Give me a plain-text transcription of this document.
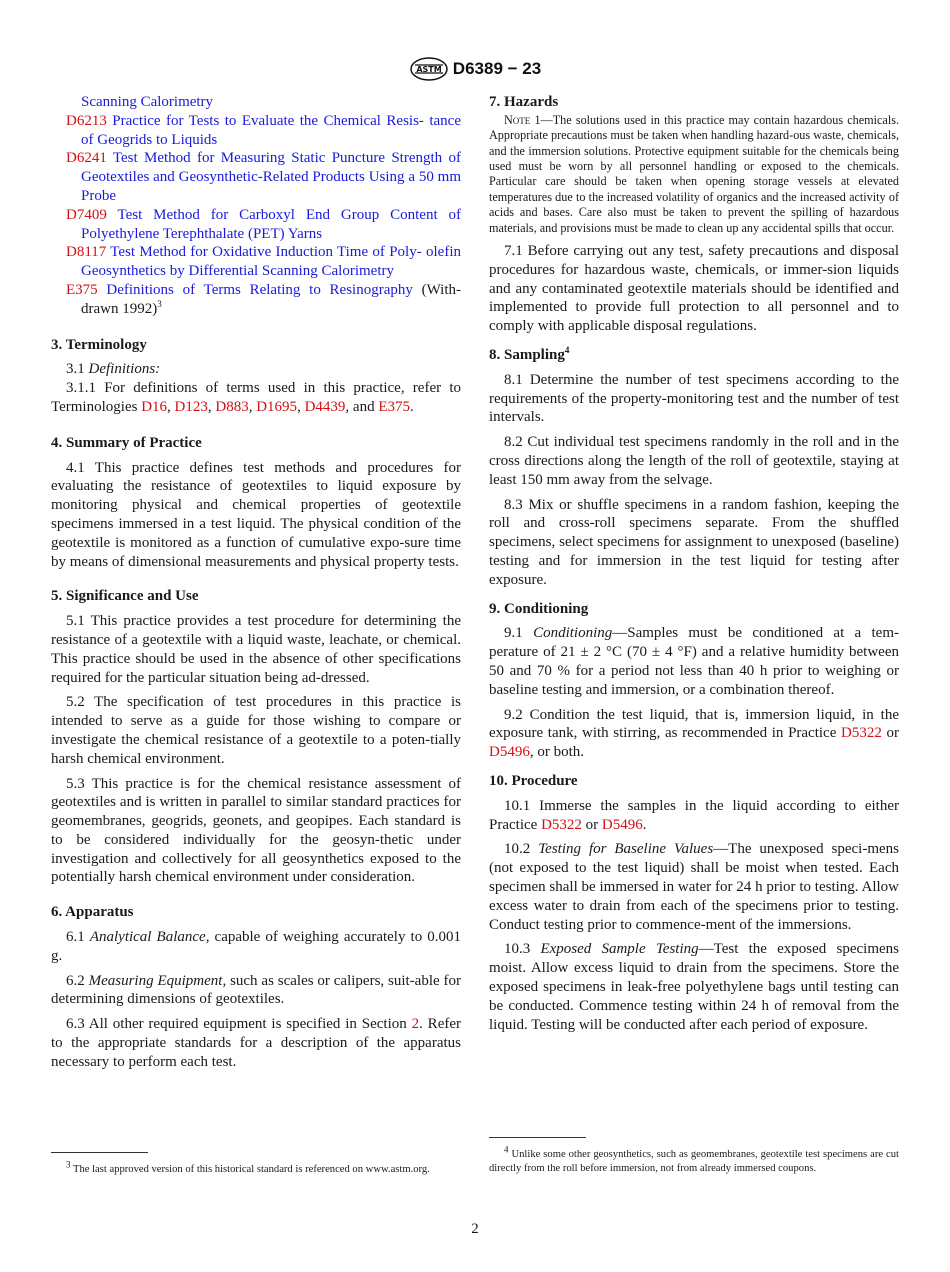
ASTM D6389 − 23
Scanning Calorimetry
D6213 Practice for Tests to Evaluate the Chemical Resis- tance of Geogrids to Liquids
D6241 Test Method for Measuring Static Puncture Strength of Geotextiles and Geosynthetic-Related Products Using a 50 mm Probe
D7409 Test Method for Carboxyl End Group Content of Polyethylene Terephthalate (PET) Yarns
D8117 Test Method for Oxidative Induction Time of Poly- olefin Geosynthetics by Differential Scanning Calorimetry
E375 Definitions of Terms Relating to Resinography (With- drawn 1992)$^3$
3. Terminology

3.1 Definitions:

3.1.1 For definitions of terms used in this practice, refer to Terminologies D16, D123, D883, D1695, D4439, and E375.

4. Summary of Practice

4.1 This practice defines test methods and procedures for evaluating the resistance of geotextiles to liquid exposure by monitoring physical and chemical properties of geotextile specimens immersed in a test liquid. The physical condition of the geotextile is monitored as a function of cumulative expo-sure time by means of dimensional measurements and physical property tests.

5. Significance and Use

5.1 This practice provides a test procedure for determining the resistance of a geotextile with a liquid waste, leachate, or chemical. This practice should be used in the absence of other specifications required for the particular situation being ad-dressed.

5.2 The specification of test procedures in this practice is intended to serve as a guide for those wishing to compare or investigate the chemical resistance of a geotextile to a poten-tially harsh chemical environment.

5.3 This practice is for the chemical resistance assessment of geotextiles and is written in parallel to similar standard practices for geomembranes, geogrids, geonets, and geopipes. Each standard is to be considered individually for the geosyn-thetic under investigation and collectively for all geosynthetics exposed to the potentially harsh chemical environment under consideration.

6. Apparatus

6.1 Analytical Balance, capable of weighing accurately to 0.001 g.

6.2 Measuring Equipment, such as scales or calipers, suit-able for determining dimensions of geotextiles.

6.3 All other required equipment is specified in Section 2. Refer to the appropriate standards for a description of the apparatus necessary to perform each test.

$^3$ The last approved version of this historical standard is referenced on www.astm.org.

7. Hazards

Note 1—The solutions used in this practice may contain hazardous chemicals. Appropriate precautions must be taken when handling hazard-ous waste, chemicals, and the immersion solutions. Protective equipment suitable for the chemicals being used must be worn by all personnel handling or exposed to the chemicals. Particular care should be taken when opening storage vessels at elevated temperatures due to the increased volatility of organics and the increased activity of acids and bases. Care also must be taken to prevent the spilling of hazardous materials, and provisions must be made to clean up any accidental spills that occur.

7.1 Before carrying out any test, safety precautions and disposal procedures for hazardous waste, chemicals, or immer-sion liquids and any contaminated geotextile materials should be identified and implemented to provide full protection to all personnel and to comply with applicable disposal regulations.

8. Sampling$^4$

8.1 Determine the number of test specimens according to the requirements of the property-monitoring test and the number of test intervals.

8.2 Cut individual test specimens randomly in the roll and in the cross directions along the length of the roll of geotextile, staying at least 150 mm away from the selvage.

8.3 Mix or shuffle specimens in a random fashion, keeping the roll and cross-roll specimens separate. From the shuffled specimens, select specimens for assignment to unexposed (baseline) testing and for immersion in the test liquid for testing after exposure.

9. Conditioning

9.1 Conditioning—Samples must be conditioned at a tem-perature of 21 ± 2 °C (70 ± 4 °F) and a relative humidity between 50 and 70 % for a period not less than 40 h prior to weighing or baseline testing and immersion, or a combination thereof.

9.2 Condition the test liquid, that is, immersion liquid, in the exposure tank, with stirring, as recommended in Practice D5322 or D5496, or both.

10. Procedure

10.1 Immerse the samples in the liquid according to either Practice D5322 or D5496.

10.2 Testing for Baseline Values—The unexposed speci-mens (not exposed to the test liquid) shall be moist when tested. Each specimen shall be immersed in water for 24 h prior to testing. Allow excess water to drain from each of the specimens prior to testing. Conduct testing prior to commence-ment of the immersions.

10.3 Exposed Sample Testing—Test the exposed specimens moist. Allow excess liquid to drain from the specimens. Store the exposed specimens in leak-free polyethylene bags until testing can be conducted. Commence testing within 24 h of removal from the liquid. Testing will be conducted after each period of exposure.

$^4$ Unlike some other geosynthetics, such as geomembranes, geotextile test specimens are cut directly from the roll before immersion, not from already immersed coupons.

2
